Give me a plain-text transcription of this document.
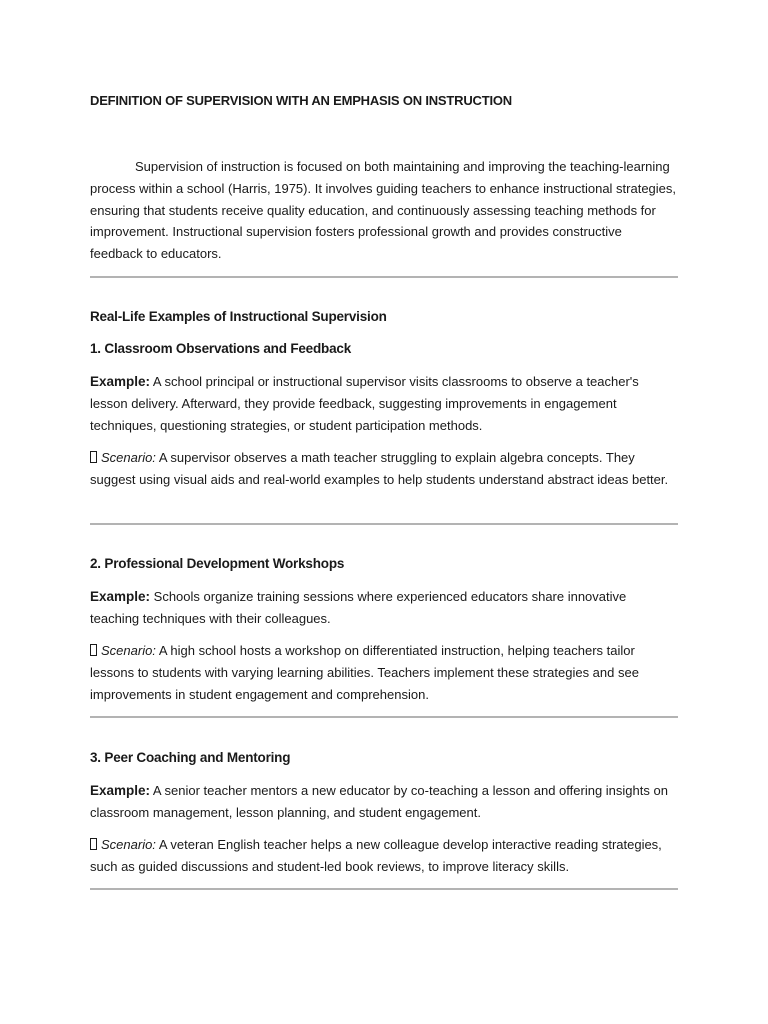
DEFINITION OF SUPERVISION WITH AN EMPHASIS ON INSTRUCTION

Supervision of instruction is focused on both maintaining and improving the teaching-learning process within a school (Harris, 1975). It involves guiding teachers to enhance instructional strategies, ensuring that students receive quality education, and continuously assessing teaching methods for improvement. Instructional supervision fosters professional growth and provides constructive feedback to educators.

Real-Life Examples of Instructional Supervision
1. Classroom Observations and Feedback

Example: A school principal or instructional supervisor visits classrooms to observe a teacher's lesson delivery. Afterward, they provide feedback, suggesting improvements in engagement techniques, questioning strategies, or student participation methods.

Scenario: A supervisor observes a math teacher struggling to explain algebra concepts. They suggest using visual aids and real-world examples to help students understand abstract ideas better.

2. Professional Development Workshops

Example: Schools organize training sessions where experienced educators share innovative teaching techniques with their colleagues.

Scenario: A high school hosts a workshop on differentiated instruction, helping teachers tailor lessons to students with varying learning abilities. Teachers implement these strategies and see improvements in student engagement and comprehension.

3. Peer Coaching and Mentoring

Example: A senior teacher mentors a new educator by co-teaching a lesson and offering insights on classroom management, lesson planning, and student engagement.

Scenario: A veteran English teacher helps a new colleague develop interactive reading strategies, such as guided discussions and student-led book reviews, to improve literacy skills.
